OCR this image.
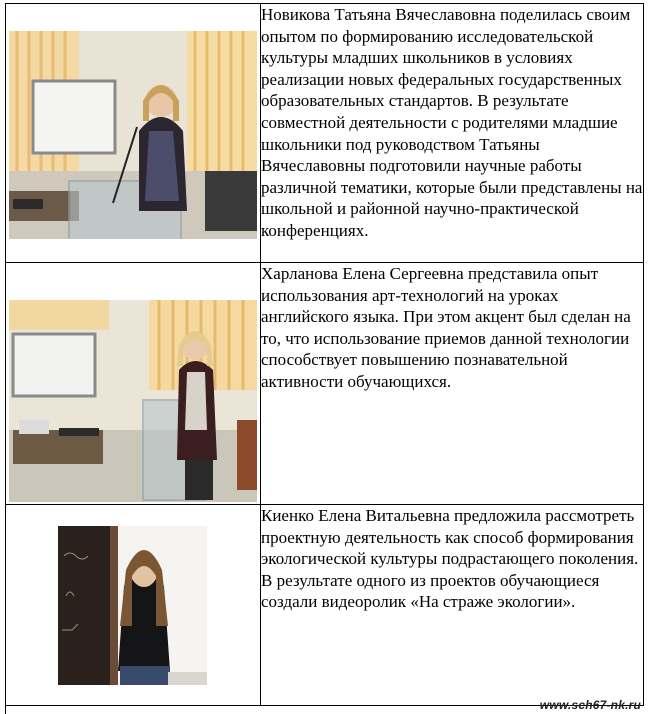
Новикова Татьяна Вячеславовна поделилась своим опытом по формированию исследовательской культуры младших школьников в условиях реализации новых федеральных государственных образовательных стандартов. В результате совместной деятельности с родителями младшие школьники под руководством Татьяны Вячеславовны подготовили научные работы различной тематики, которые были представлены на школьной и районной научно-практической конференциях.

Харланова Елена Сергеевна представила опыт использования арт-технологий на уроках английского языка. При этом акцент был сделан на то, что использование приемов данной технологии способствует повышению познавательной активности обучающихся.

Киенко Елена Витальевна предложила рассмотреть проектную деятельность как способ формирования экологической культуры подрастающего поколения. В результате одного из проектов обучающиеся создали видеоролик «На страже экологии».
www.sch67-nk.ru
